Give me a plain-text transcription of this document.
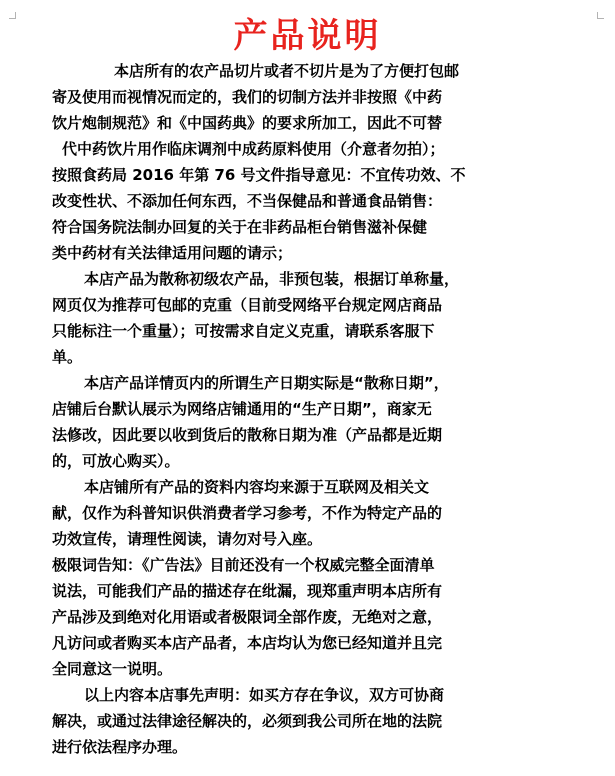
产品说明
本店所有的农产品切片或者不切片是为了方便打包邮
寄及使用而视情况而定的，我们的切制方法并非按照《中药
饮片炮制规范》和《中国药典》的要求所加工，因此不可替
代中药饮片用作临床调剂中成药原料使用（介意者勿拍）；
按照食药局 2016 年第 76 号文件指导意见：不宜传功效、不
改变性状、不添加任何东西，不当保健品和普通食品销售：
符合国务院法制办回复的关于在非药品柜台销售滋补保健
类中药材有关法律适用问题的请示；
本店产品为散称初级农产品，非预包装，根据订单称量，
网页仅为推荐可包邮的克重（目前受网络平台规定网店商品
只能标注一个重量）；可按需求自定义克重，请联系客服下
单。
本店产品详情页内的所谓生产日期实际是“散称日期”，
店铺后台默认展示为网络店铺通用的“生产日期”，商家无
法修改，因此要以收到货后的散称日期为准（产品都是近期
的，可放心购买）。
本店铺所有产品的资料内容均来源于互联网及相关文
献，仅作为科普知识供消费者学习参考，不作为特定产品的
功效宣传，请理性阅读，请勿对号入座。
极限词告知：《广告法》目前还没有一个权威完整全面清单
说法，可能我们产品的描述存在纰漏，现郑重声明本店所有
产品涉及到绝对化用语或者极限词全部作废，无绝对之意，
凡访问或者购买本店产品者，本店均认为您已经知道并且完
全同意这一说明。
以上内容本店事先声明：如买方存在争议，双方可协商
解决，或通过法律途径解决的，必须到我公司所在地的法院
进行依法程序办理。
